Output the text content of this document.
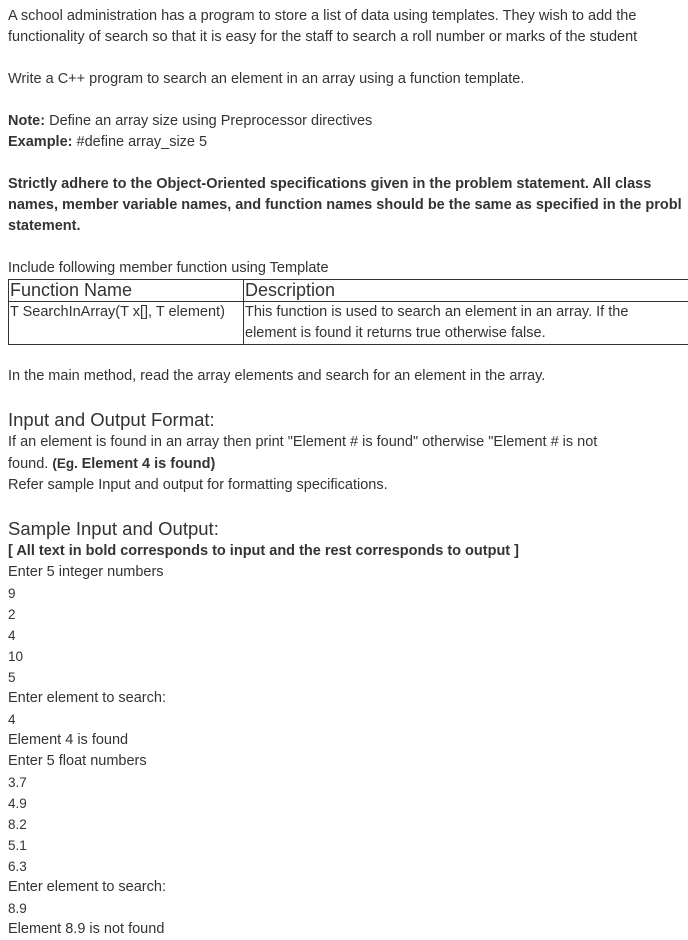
A school administration has a program to store a list of data using templates. They wish to add the

functionality of search so that it is easy for the staff to search a roll number or marks of the student

Write a C++ program to search an element in an array using a function template.

Note: Define an array size using Preprocessor directives

Example: #define array_size 5

Strictly adhere to the Object-Oriented specifications given in the problem statement. All class

names, member variable names, and function names should be the same as specified in the probl

statement.

Include following member function using Template

Function Name	Description
T SearchInArray(T x[], T element)	This function is used to search an element in an array. If the
element is found it returns true otherwise false.

In the main method, read the array elements and search for an element in the array.

Input and Output Format:

If an element is found in an array then print "Element # is found" otherwise "Element # is not

found. (Eg. Element 4 is found)

Refer sample Input and output for formatting specifications.

Sample Input and Output:

[ All text in bold corresponds to input and the rest corresponds to output ]

Enter 5 integer numbers

9

2

4

10

5

Enter element to search:

4

Element 4 is found

Enter 5 float numbers

3.7

4.9

8.2

5.1

6.3

Enter element to search:

8.9

Element 8.9 is not found
